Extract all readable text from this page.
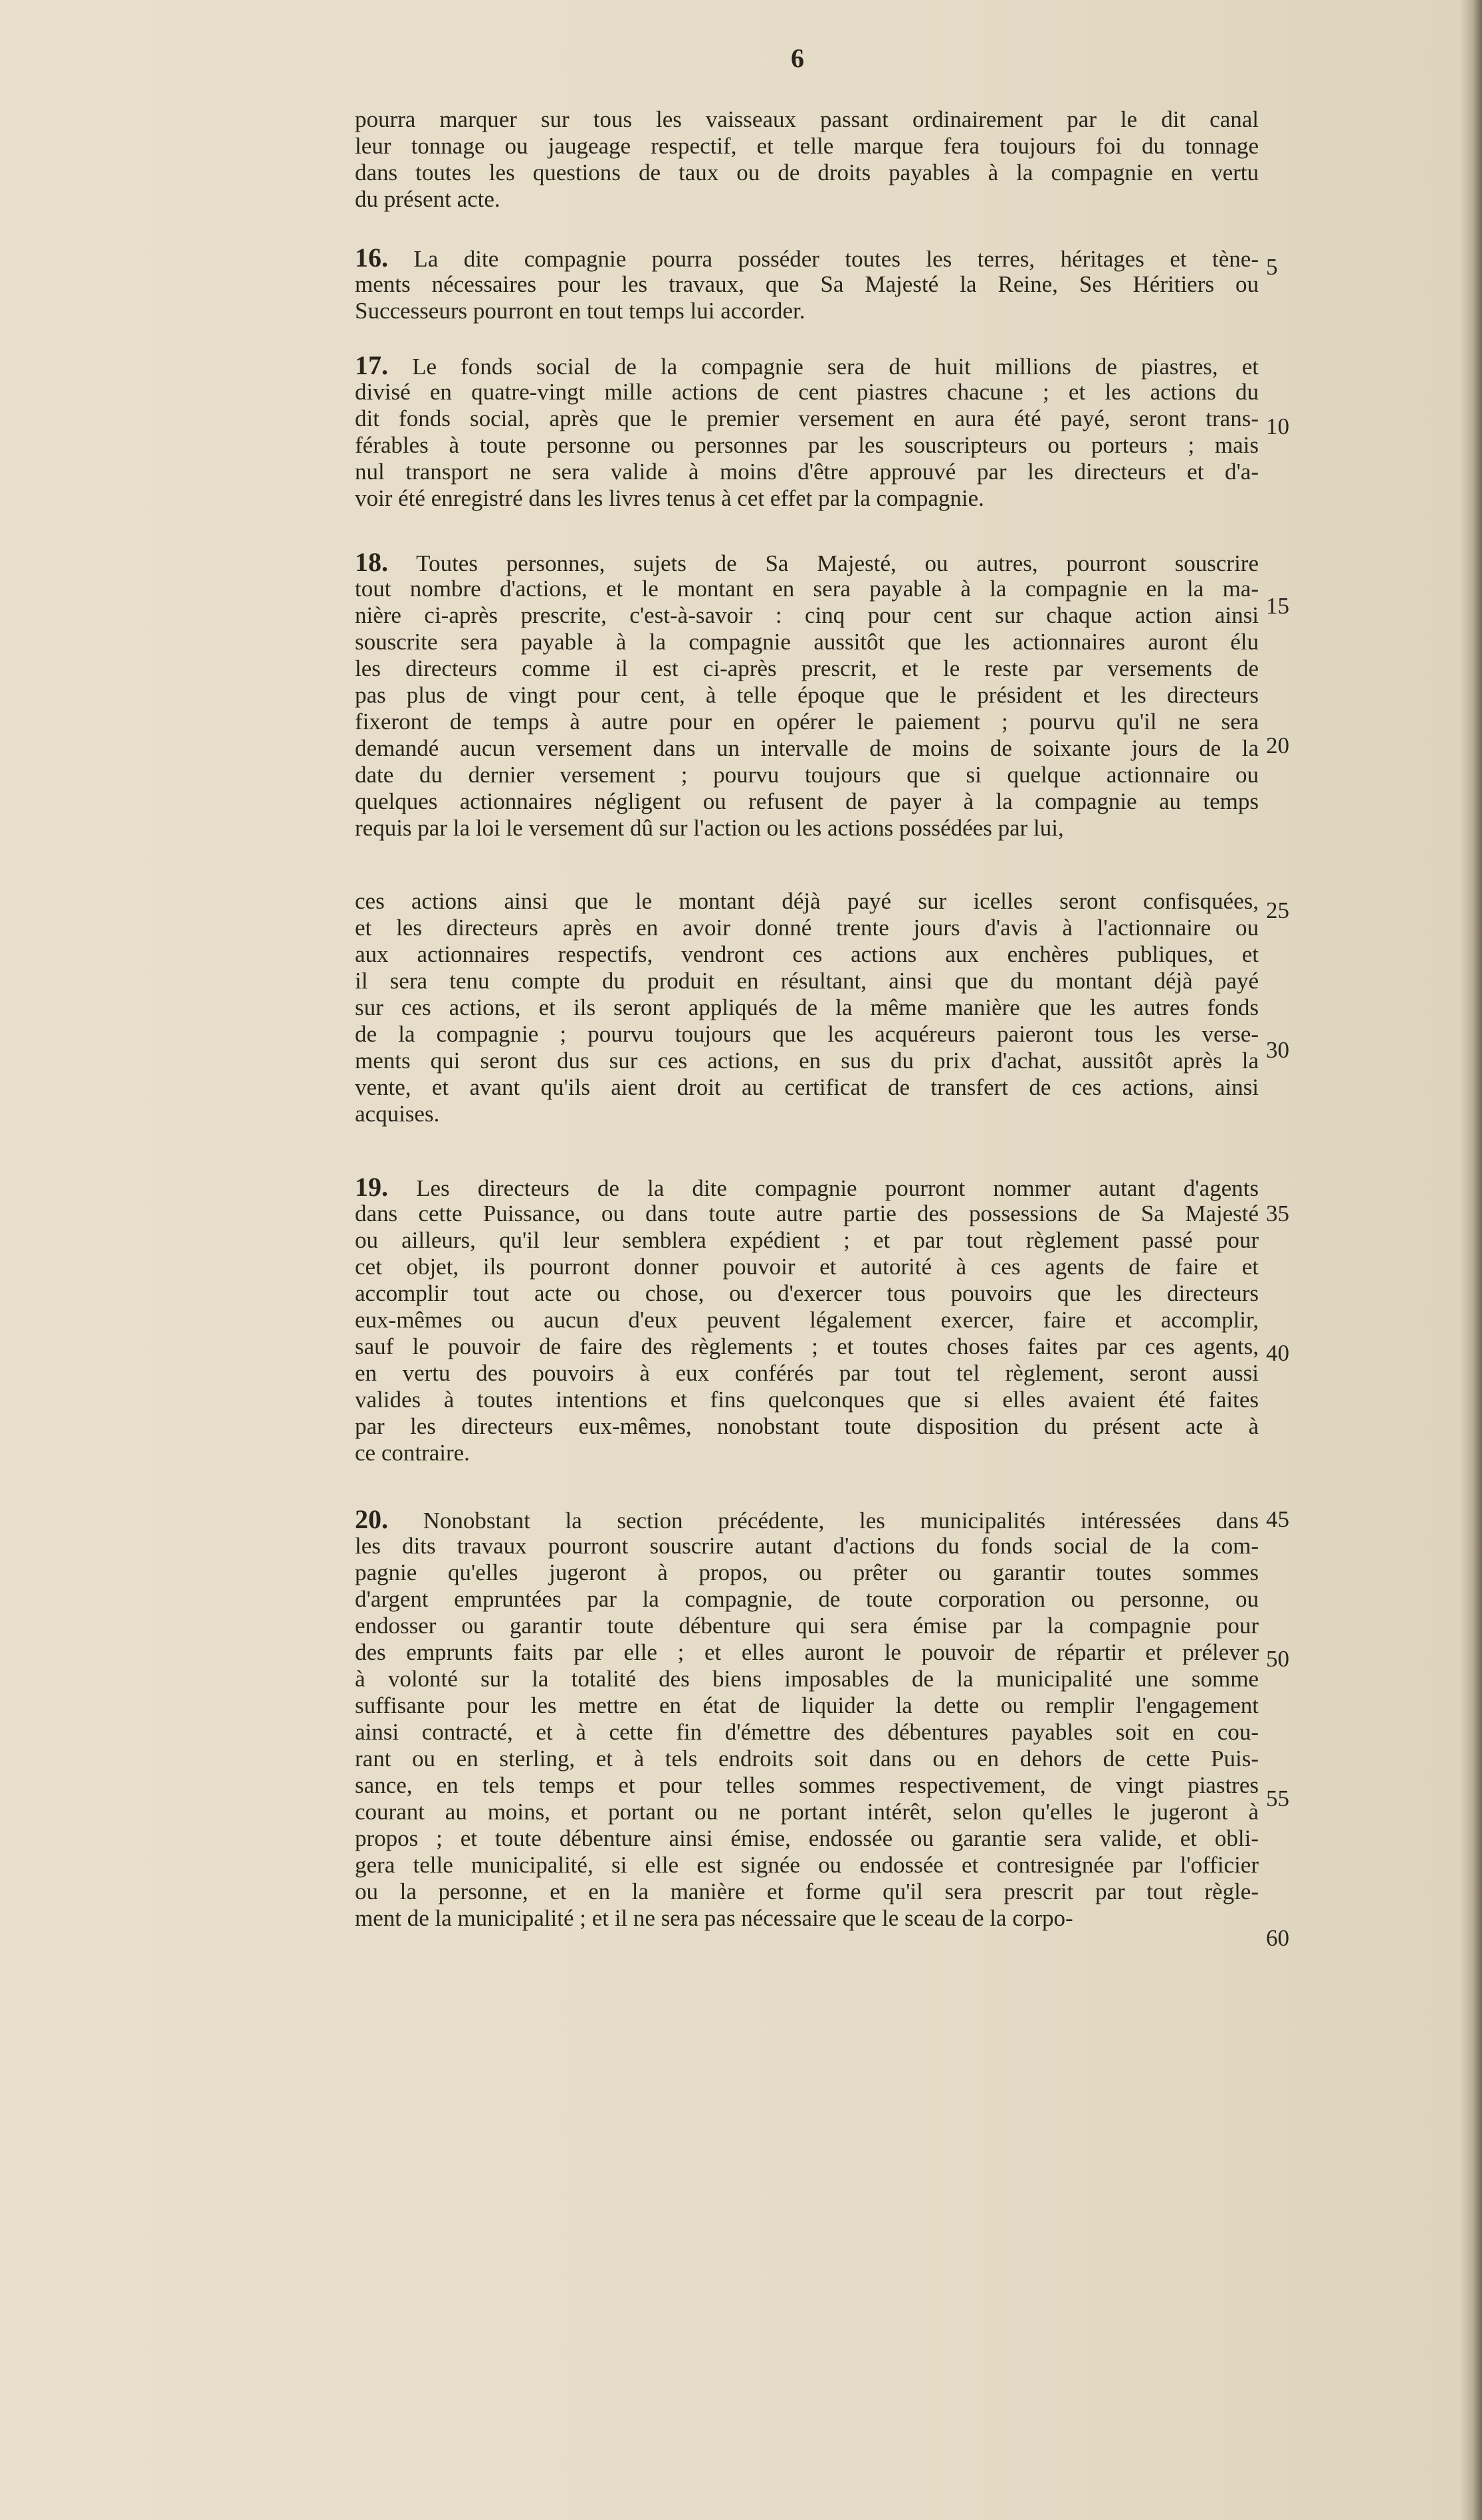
6
pourra marquer sur tous les vaisseaux passant ordinairement par le dit canal
leur tonnage ou jaugeage respectif, et telle marque fera toujours foi du tonnage
dans toutes les questions de taux ou de droits payables à la compagnie en vertu
du présent acte.
16. La dite compagnie pourra posséder toutes les terres, héritages et tène-
ments nécessaires pour les travaux, que Sa Majesté la Reine, Ses Héritiers ou
Successeurs pourront en tout temps lui accorder.
17. Le fonds social de la compagnie sera de huit millions de piastres, et
divisé en quatre-vingt mille actions de cent piastres chacune ; et les actions du
dit fonds social, après que le premier versement en aura été payé, seront trans-
férables à toute personne ou personnes par les souscripteurs ou porteurs ; mais
nul transport ne sera valide à moins d'être approuvé par les directeurs et d'a-
voir été enregistré dans les livres tenus à cet effet par la compagnie.
18. Toutes personnes, sujets de Sa Majesté, ou autres, pourront souscrire
tout nombre d'actions, et le montant en sera payable à la compagnie en la ma-
nière ci-après prescrite, c'est-à-savoir : cinq pour cent sur chaque action ainsi
souscrite sera payable à la compagnie aussitôt que les actionnaires auront élu
les directeurs comme il est ci-après prescrit, et le reste par versements de
pas plus de vingt pour cent, à telle époque que le président et les directeurs
fixeront de temps à autre pour en opérer le paiement ; pourvu qu'il ne sera
demandé aucun versement dans un intervalle de moins de soixante jours de la
date du dernier versement ; pourvu toujours que si quelque actionnaire ou
quelques actionnaires négligent ou refusent de payer à la compagnie au temps
requis par la loi le versement dû sur l'action ou les actions possédées par lui,
ces actions ainsi que le montant déjà payé sur icelles seront confisquées,
et les directeurs après en avoir donné trente jours d'avis à l'actionnaire ou
aux actionnaires respectifs, vendront ces actions aux enchères publiques, et
il sera tenu compte du produit en résultant, ainsi que du montant déjà payé
sur ces actions, et ils seront appliqués de la même manière que les autres fonds
de la compagnie ; pourvu toujours que les acquéreurs paieront tous les verse-
ments qui seront dus sur ces actions, en sus du prix d'achat, aussitôt après la
vente, et avant qu'ils aient droit au certificat de transfert de ces actions, ainsi
acquises.
19. Les directeurs de la dite compagnie pourront nommer autant d'agents
dans cette Puissance, ou dans toute autre partie des possessions de Sa Majesté
ou ailleurs, qu'il leur semblera expédient ; et par tout règlement passé pour
cet objet, ils pourront donner pouvoir et autorité à ces agents de faire et
accomplir tout acte ou chose, ou d'exercer tous pouvoirs que les directeurs
eux-mêmes ou aucun d'eux peuvent légalement exercer, faire et accomplir,
sauf le pouvoir de faire des règlements ; et toutes choses faites par ces agents,
en vertu des pouvoirs à eux conférés par tout tel règlement, seront aussi
valides à toutes intentions et fins quelconques que si elles avaient été faites
par les directeurs eux-mêmes, nonobstant toute disposition du présent acte à
ce contraire.
20. Nonobstant la section précédente, les municipalités intéressées dans
les dits travaux pourront souscrire autant d'actions du fonds social de la com-
pagnie qu'elles jugeront à propos, ou prêter ou garantir toutes sommes
d'argent empruntées par la compagnie, de toute corporation ou personne, ou
endosser ou garantir toute débenture qui sera émise par la compagnie pour
des emprunts faits par elle ; et elles auront le pouvoir de répartir et prélever
à volonté sur la totalité des biens imposables de la municipalité une somme
suffisante pour les mettre en état de liquider la dette ou remplir l'engagement
ainsi contracté, et à cette fin d'émettre des débentures payables soit en cou-
rant ou en sterling, et à tels endroits soit dans ou en dehors de cette Puis-
sance, en tels temps et pour telles sommes respectivement, de vingt piastres
courant au moins, et portant ou ne portant intérêt, selon qu'elles le jugeront à
propos ; et toute débenture ainsi émise, endossée ou garantie sera valide, et obli-
gera telle municipalité, si elle est signée ou endossée et contresignée par l'officier
ou la personne, et en la manière et forme qu'il sera prescrit par tout règle-
ment de la municipalité ; et il ne sera pas nécessaire que le sceau de la corpo-
5
10
15
20
25
30
35
40
45
50
55
60
